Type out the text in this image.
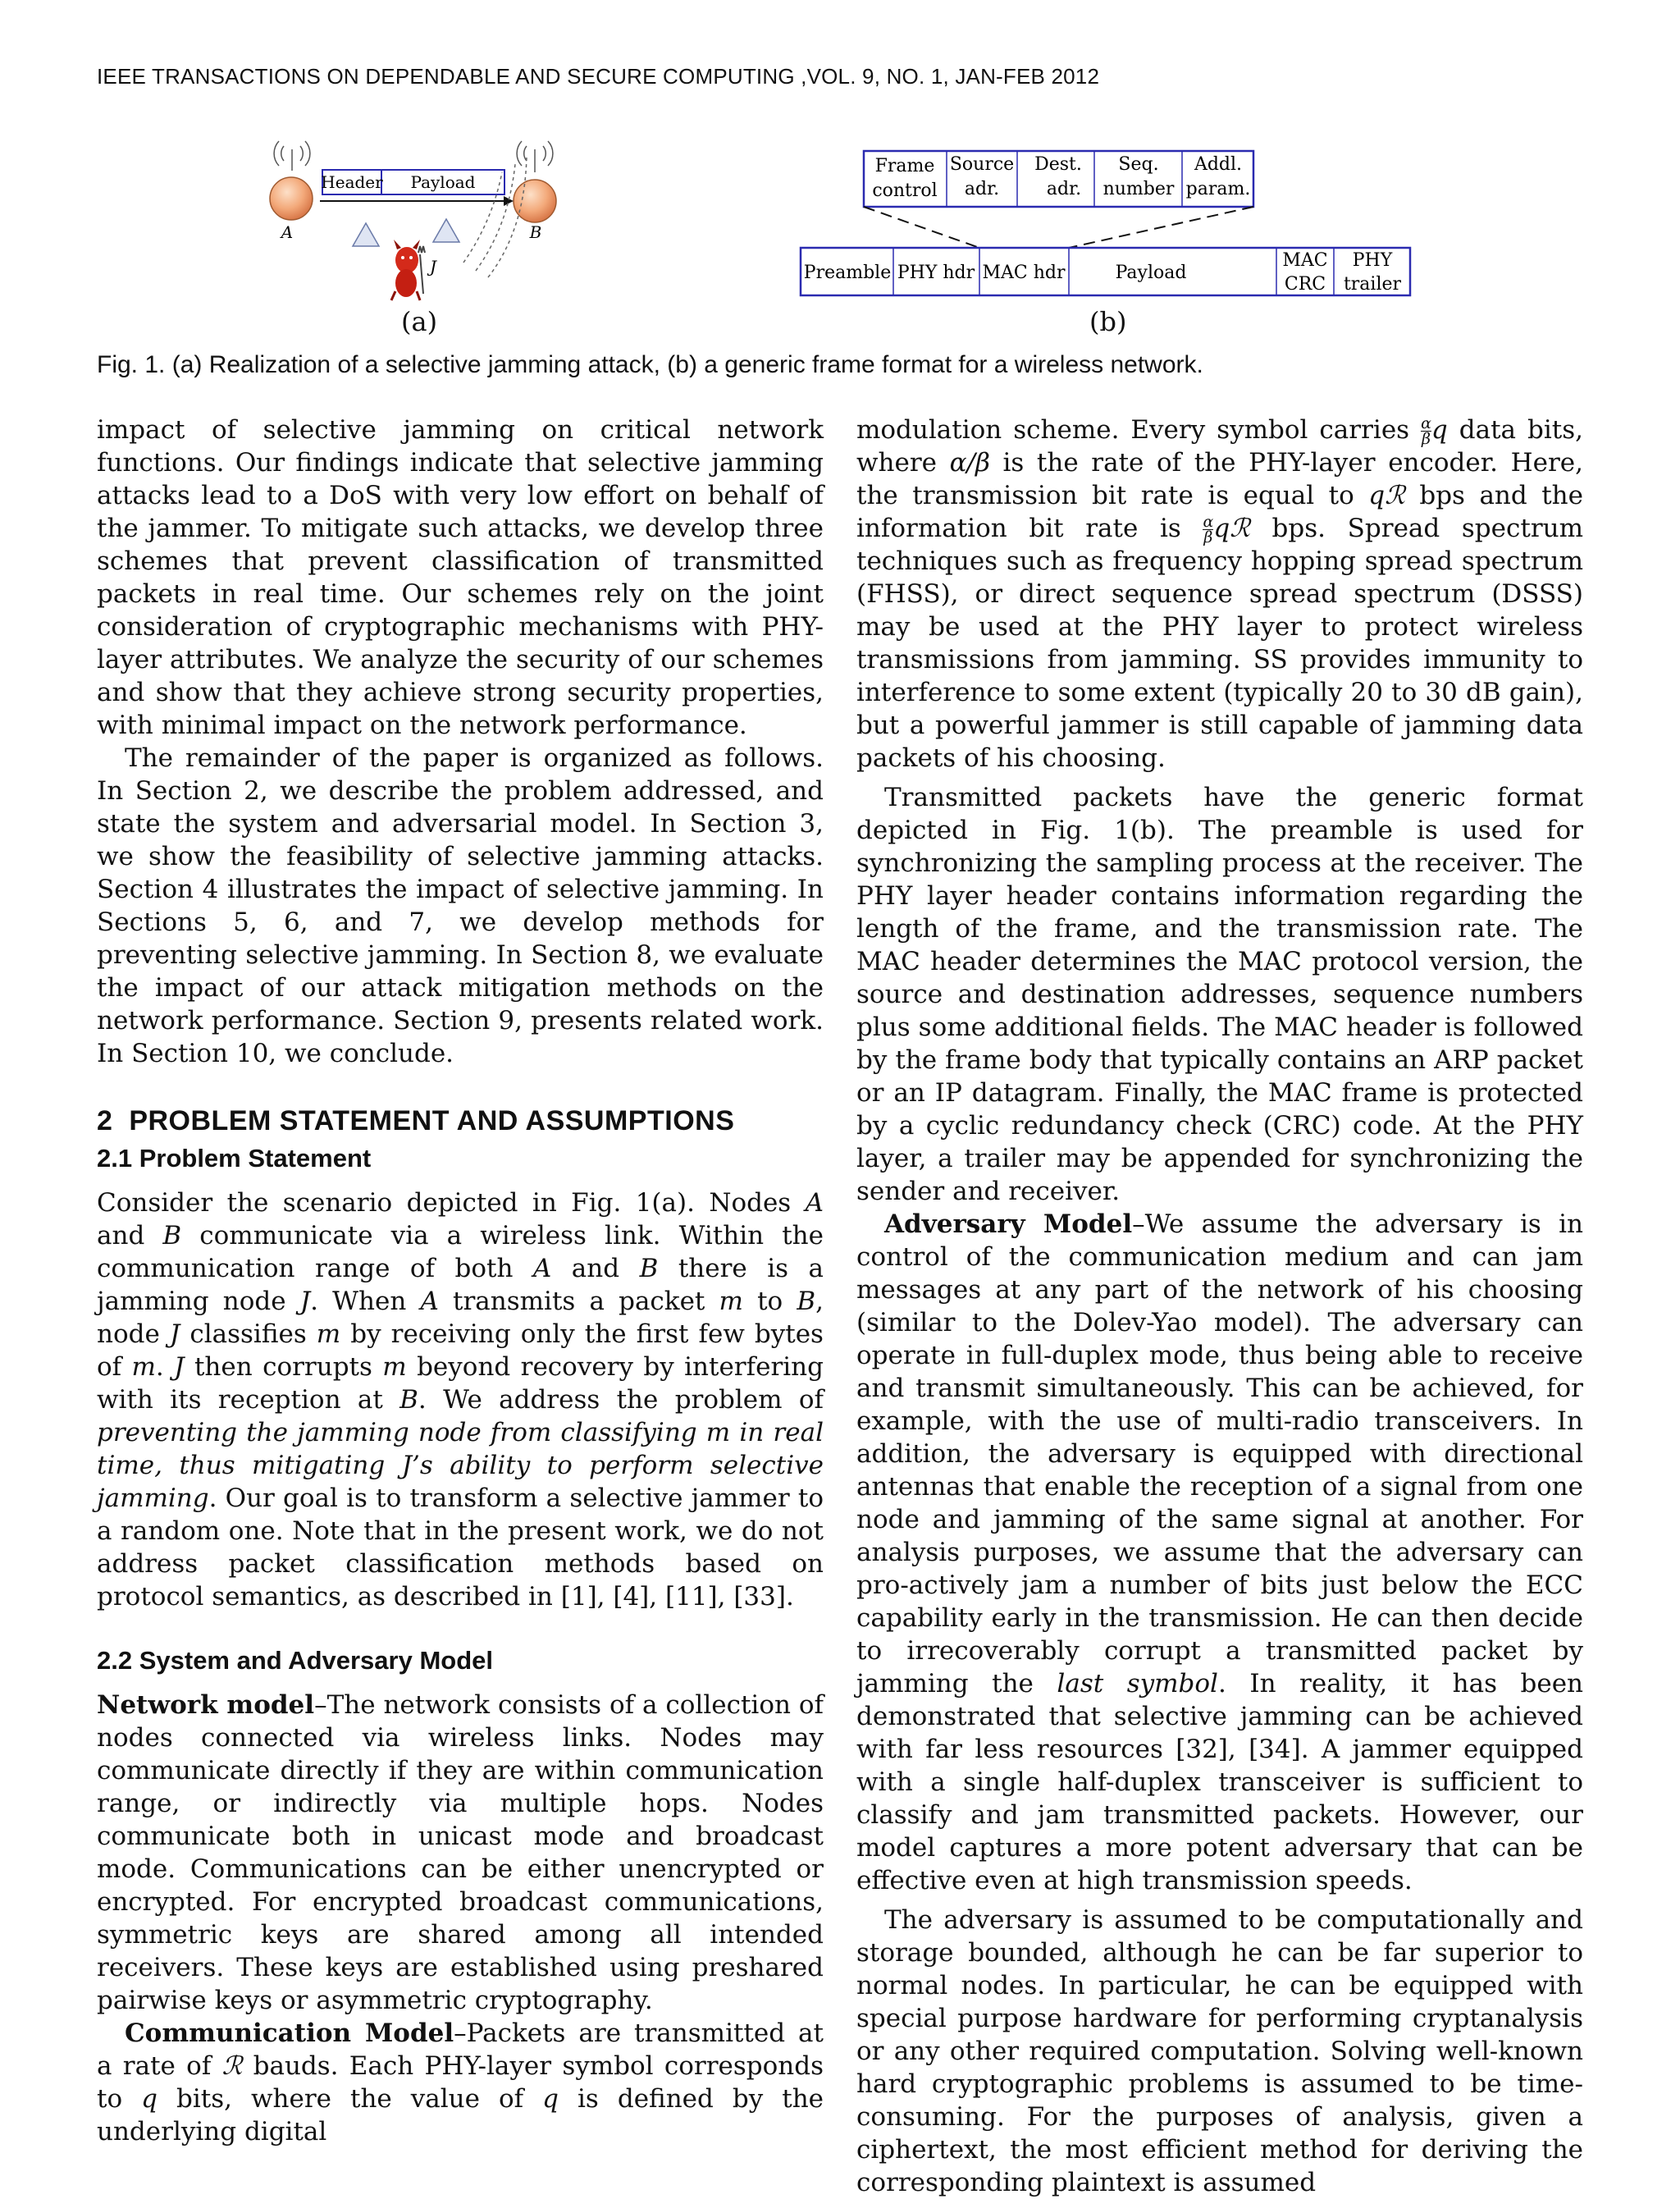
IEEE TRANSACTIONS ON DEPENDABLE AND SECURE COMPUTING ,VOL. 9, NO. 1, JAN-FEB 2012
Header Payload
A	B
J
Frame
control
Source
adr.
Dest.
adr.
Seq.
number
Addl.
param.
Preamble PHY hdr MAC hdr	Payload
MAC
CRC
PHY
trailer
(a)	(b)
Fig. 1. (a) Realization of a selective jamming attack, (b) a generic frame format for a wireless network.

impact of selective jamming on critical network functions. Our findings indicate that selective jamming attacks lead to a DoS with very low effort on behalf of the jammer. To mitigate such attacks, we develop three schemes that prevent classification of transmitted packets in real time. Our schemes rely on the joint consideration of cryptographic mechanisms with PHY-layer attributes. We analyze the security of our schemes and show that they achieve strong security properties, with minimal impact on the network performance.

The remainder of the paper is organized as follows. In Section 2, we describe the problem addressed, and state the system and adversarial model. In Section 3, we show the feasibility of selective jamming attacks. Section 4 illustrates the impact of selective jamming. In Sections 5, 6, and 7, we develop methods for preventing selective jamming. In Section 8, we evaluate the impact of our attack mitigation methods on the network performance. Section 9, presents related work. In Section 10, we conclude.

2 PROBLEM STATEMENT AND ASSUMPTIONS
2.1 Problem Statement

Consider the scenario depicted in Fig. 1(a). Nodes A and B communicate via a wireless link. Within the communication range of both A and B there is a jamming node J. When A transmits a packet m to B, node J classifies m by receiving only the first few bytes of m. J then corrupts m beyond recovery by interfering with its reception at B. We address the problem of preventing the jamming node from classifying m in real time, thus mitigating J’s ability to perform selective jamming. Our goal is to transform a selective jammer to a random one. Note that in the present work, we do not address packet classification methods based on protocol semantics, as described in [1], [4], [11], [33].

2.2 System and Adversary Model

Network model–The network consists of a collection of nodes connected via wireless links. Nodes may communicate directly if they are within communication range, or indirectly via multiple hops. Nodes communicate both in unicast mode and broadcast mode. Communications can be either unencrypted or encrypted. For encrypted broadcast communications, symmetric keys are shared among all intended receivers. These keys are established using preshared pairwise keys or asymmetric cryptography.

Communication Model–Packets are transmitted at a rate of ℛ bauds. Each PHY-layer symbol corresponds to q bits, where the value of q is defined by the underlying digital

modulation scheme. Every symbol carries $\frac{\alpha}{\beta}$ q data bits, where α/β is the rate of the PHY-layer encoder. Here, the transmission bit rate is equal to qℛ bps and the information bit rate is $\frac{\alpha}{\beta}$ qℛ bps. Spread spectrum techniques such as frequency hopping spread spectrum (FHSS), or direct sequence spread spectrum (DSSS) may be used at the PHY layer to protect wireless transmissions from jamming. SS provides immunity to interference to some extent (typically 20 to 30 dB gain), but a powerful jammer is still capable of jamming data packets of his choosing.

Transmitted packets have the generic format depicted in Fig. 1(b). The preamble is used for synchronizing the sampling process at the receiver. The PHY layer header contains information regarding the length of the frame, and the transmission rate. The MAC header determines the MAC protocol version, the source and destination addresses, sequence numbers plus some additional fields. The MAC header is followed by the frame body that typically contains an ARP packet or an IP datagram. Finally, the MAC frame is protected by a cyclic redundancy check (CRC) code. At the PHY layer, a trailer may be appended for synchronizing the sender and receiver.

Adversary Model–We assume the adversary is in control of the communication medium and can jam messages at any part of the network of his choosing (similar to the Dolev-Yao model). The adversary can operate in full-duplex mode, thus being able to receive and transmit simultaneously. This can be achieved, for example, with the use of multi-radio transceivers. In addition, the adversary is equipped with directional antennas that enable the reception of a signal from one node and jamming of the same signal at another. For analysis purposes, we assume that the adversary can pro-actively jam a number of bits just below the ECC capability early in the transmission. He can then decide to irrecoverably corrupt a transmitted packet by jamming the last symbol. In reality, it has been demonstrated that selective jamming can be achieved with far less resources [32], [34]. A jammer equipped with a single half-duplex transceiver is sufficient to classify and jam transmitted packets. However, our model captures a more potent adversary that can be effective even at high transmission speeds.

The adversary is assumed to be computationally and storage bounded, although he can be far superior to normal nodes. In particular, he can be equipped with special purpose hardware for performing cryptanalysis or any other required computation. Solving well-known hard cryptographic problems is assumed to be time-consuming. For the purposes of analysis, given a ciphertext, the most efficient method for deriving the corresponding plaintext is assumed
